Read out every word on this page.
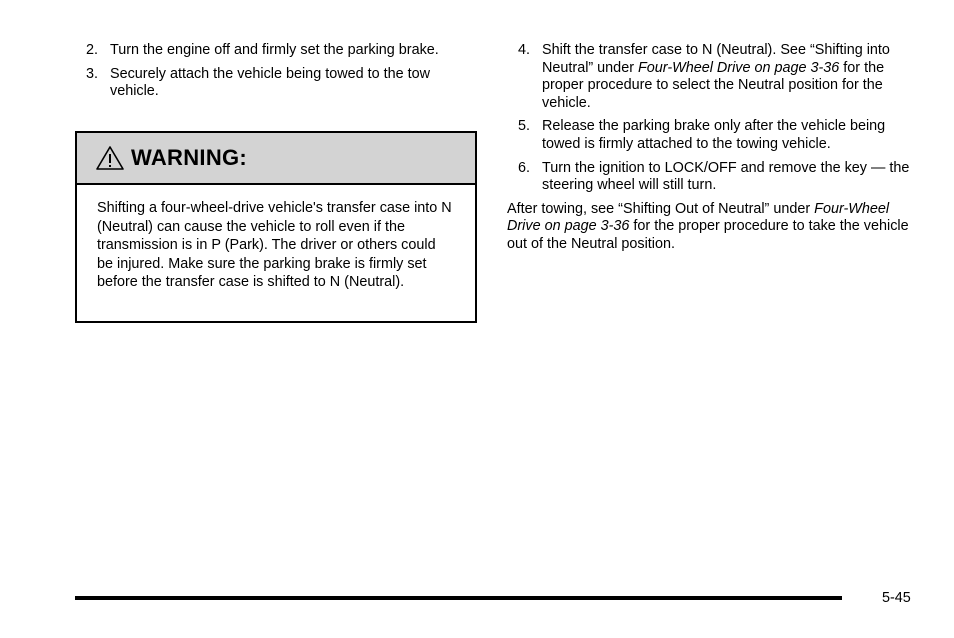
2. Turn the engine off and firmly set the parking brake.
3. Securely attach the vehicle being towed to the tow vehicle.
WARNING:
Shifting a four-wheel-drive vehicle's transfer case into N (Neutral) can cause the vehicle to roll even if the transmission is in P (Park). The driver or others could be injured. Make sure the parking brake is firmly set before the transfer case is shifted to N (Neutral).
4. Shift the transfer case to N (Neutral). See “Shifting into Neutral” under Four-Wheel Drive on page 3-36 for the proper procedure to select the Neutral position for the vehicle.
5. Release the parking brake only after the vehicle being towed is firmly attached to the towing vehicle.
6. Turn the ignition to LOCK/OFF and remove the key — the steering wheel will still turn.
After towing, see “Shifting Out of Neutral” under Four-Wheel Drive on page 3-36 for the proper procedure to take the vehicle out of the Neutral position.
5-45
